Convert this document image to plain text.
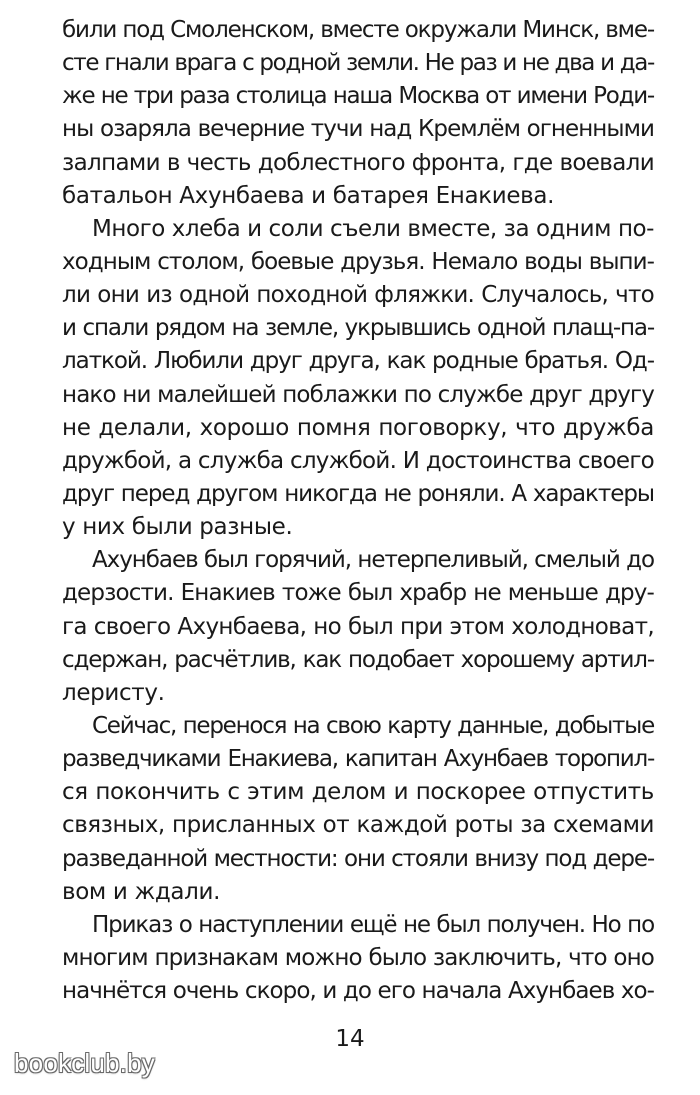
били под Смоленском, вместе окружали Минск, вме-
сте гнали врага с родной земли. Не раз и не два и да-
же не три раза столица наша Москва от имени Роди-
ны озаряла вечерние тучи над Кремлём огненными
залпами в честь доблестного фронта, где воевали
батальон Ахунбаева и батарея Енакиева.
Много хлеба и соли съели вместе, за одним по-
ходным столом, боевые друзья. Немало воды выпи-
ли они из одной походной фляжки. Случалось, что
и спали рядом на земле, укрывшись одной плащ-па-
латкой. Любили друг друга, как родные братья. Од-
нако ни малейшей поблажки по службе друг другу
не делали, хорошо помня поговорку, что дружба
дружбой, а служба службой. И достоинства своего
друг перед другом никогда не роняли. А характеры
у них были разные.
Ахунбаев был горячий, нетерпеливый, смелый до
дерзости. Енакиев тоже был храбр не меньше дру-
га своего Ахунбаева, но был при этом холодноват,
сдержан, расчётлив, как подобает хорошему артил-
леристу.
Сейчас, перенося на свою карту данные, добытые
разведчиками Енакиева, капитан Ахунбаев торопил-
ся покончить с этим делом и поскорее отпустить
связных, присланных от каждой роты за схемами
разведанной местности: они стояли внизу под дере-
вом и ждали.
Приказ о наступлении ещё не был получен. Но по
многим признакам можно было заключить, что оно
начнётся очень скоро, и до его начала Ахунбаев хо-
14
bookclub.by
